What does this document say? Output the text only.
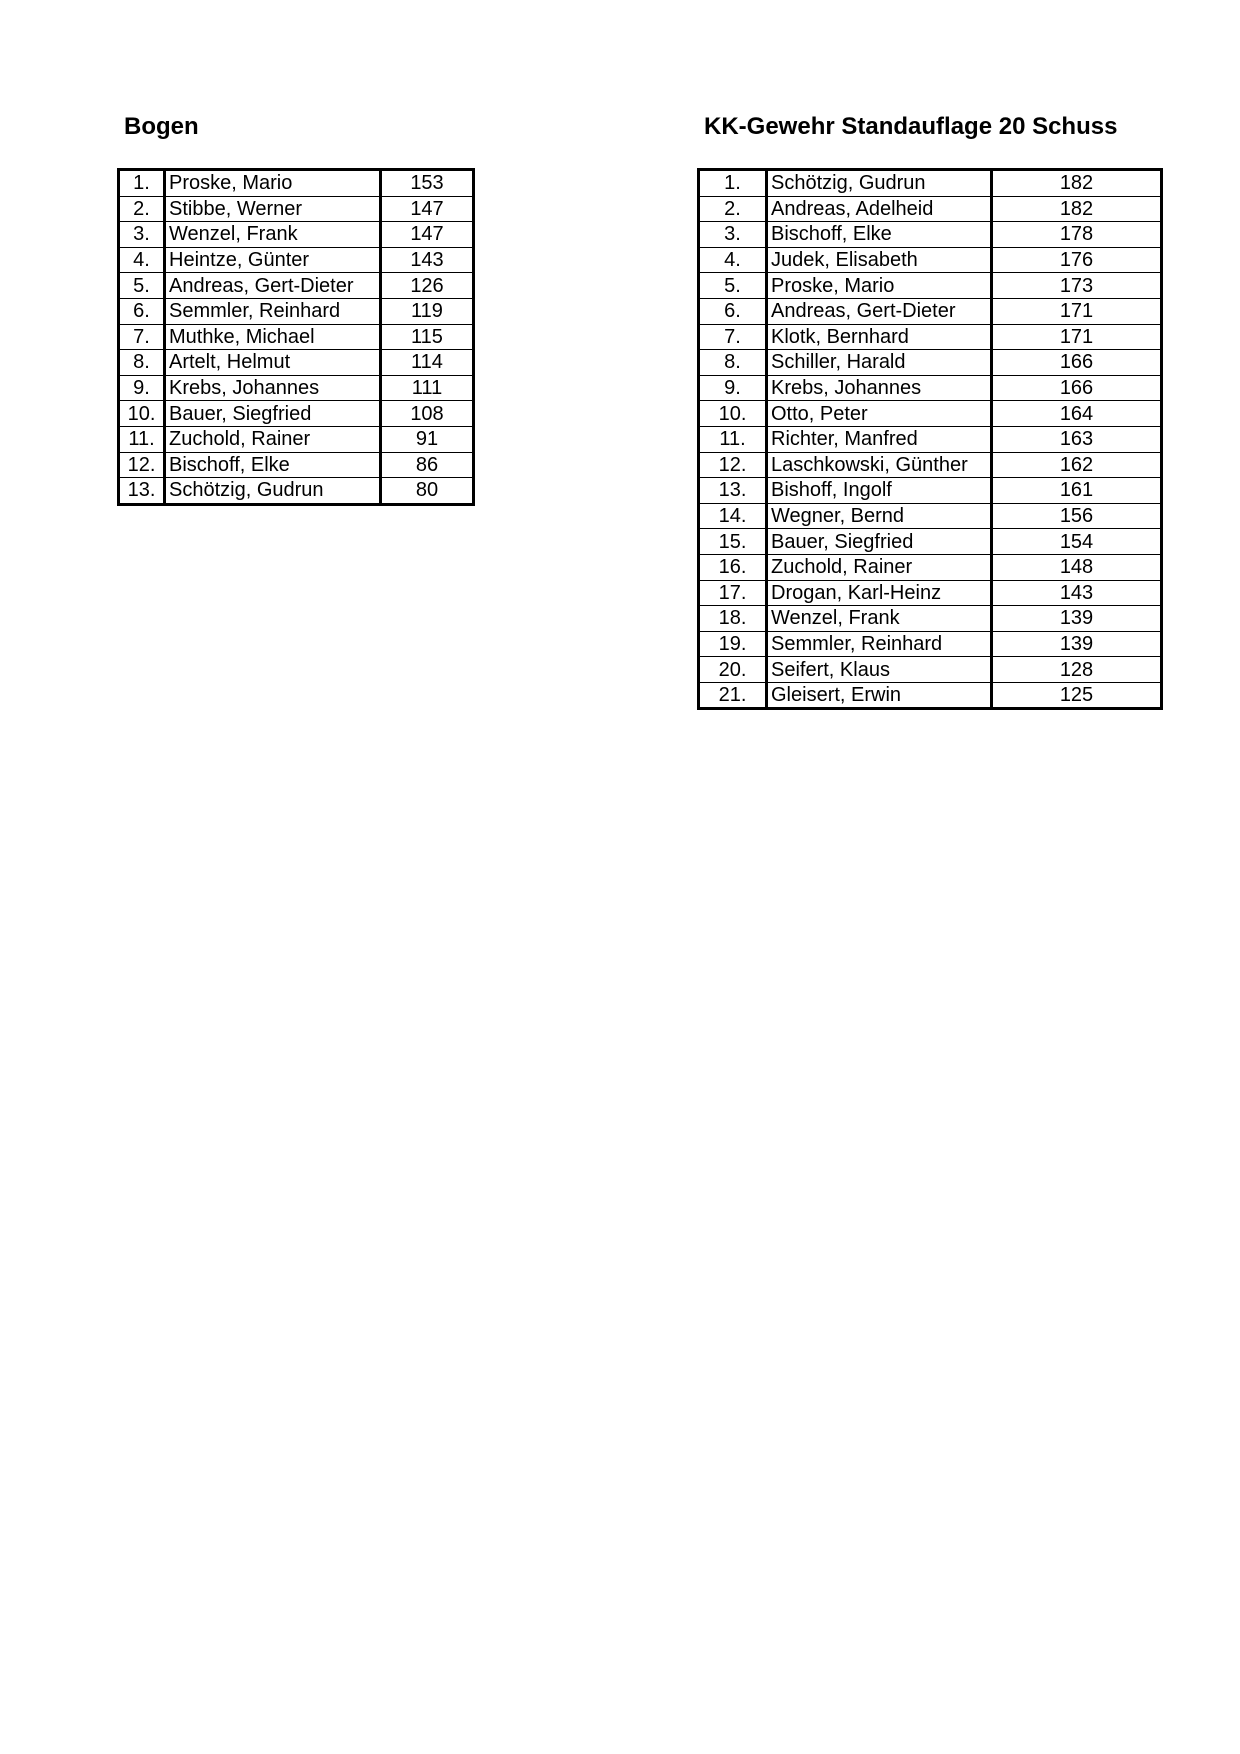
Bogen
1.	Proske, Mario	153
2.	Stibbe, Werner	147
3.	Wenzel, Frank	147
4.	Heintze, Günter	143
5.	Andreas, Gert-Dieter	126
6.	Semmler, Reinhard	119
7.	Muthke, Michael	115
8.	Artelt, Helmut	114
9.	Krebs, Johannes	111
10.	Bauer, Siegfried	108
11.	Zuchold, Rainer	91
12.	Bischoff, Elke	86
13.	Schötzig, Gudrun	80
KK-Gewehr Standauflage 20 Schuss
1.	Schötzig, Gudrun	182
2.	Andreas, Adelheid	182
3.	Bischoff, Elke	178
4.	Judek, Elisabeth	176
5.	Proske, Mario	173
6.	Andreas, Gert-Dieter	171
7.	Klotk, Bernhard	171
8.	Schiller, Harald	166
9.	Krebs, Johannes	166
10.	Otto, Peter	164
11.	Richter, Manfred	163
12.	Laschkowski, Günther	162
13.	Bishoff, Ingolf	161
14.	Wegner, Bernd	156
15.	Bauer, Siegfried	154
16.	Zuchold, Rainer	148
17.	Drogan, Karl-Heinz	143
18.	Wenzel, Frank	139
19.	Semmler, Reinhard	139
20.	Seifert, Klaus	128
21.	Gleisert, Erwin	125
